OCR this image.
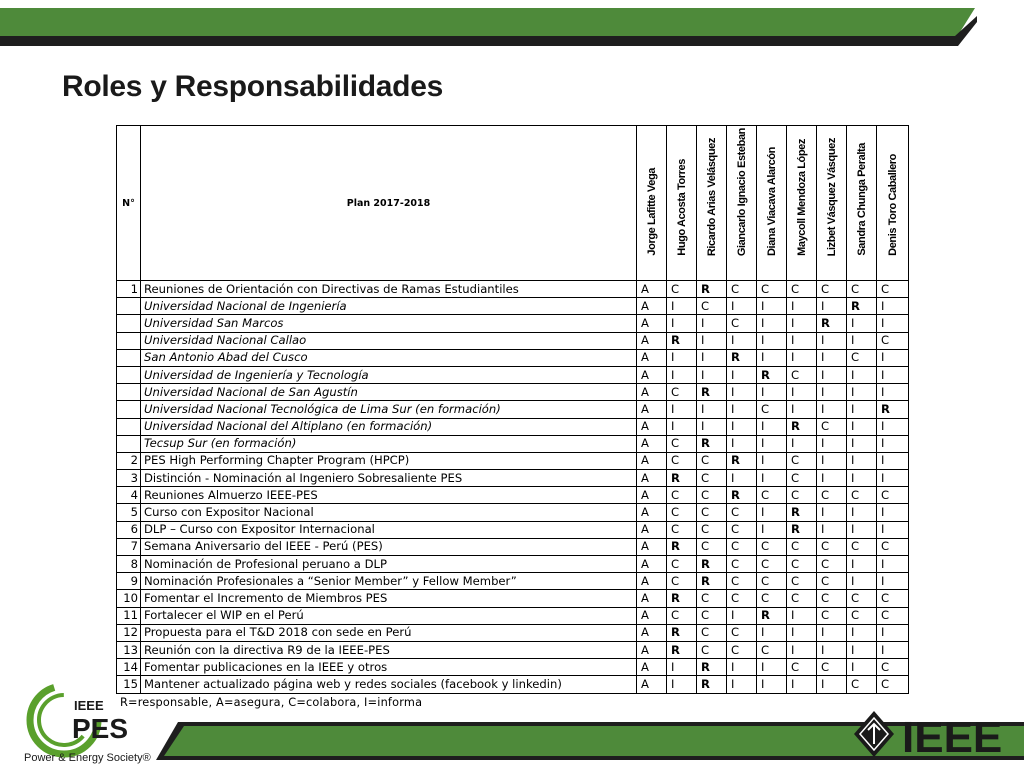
Roles y Responsabilidades
N°	Plan 2017-2018	Jorge Lafitte Vega	Hugo Acosta Torres	Ricardo Arias Velásquez	Giancarlo Ignacio Esteban	Diana Viacava Alarcón	Maycoll Mendoza López	Lizbet Vásquez Vásquez	Sandra Chunga Peralta	Denis Toro Caballero

1	Reuniones de Orientación con Directivas de Ramas Estudiantiles	A	C	R	C	C	C	C	C	C
	Universidad Nacional de Ingeniería	A	I	C	I	I	I	I	R	I
	Universidad San Marcos	A	I	I	C	I	I	R	I	I
	Universidad Nacional Callao	A	R	I	I	I	I	I	I	C
	San Antonio Abad del Cusco	A	I	I	R	I	I	I	C	I
	Universidad de Ingeniería y Tecnología	A	I	I	I	R	C	I	I	I
	Universidad Nacional de San Agustín	A	C	R	I	I	I	I	I	I
	Universidad Nacional Tecnológica de Lima Sur (en formación)	A	I	I	I	C	I	I	I	R
	Universidad Nacional del Altiplano (en formación)	A	I	I	I	I	R	C	I	I
	Tecsup Sur (en formación)	A	C	R	I	I	I	I	I	I
2	PES High Performing Chapter Program (HPCP)	A	C	C	R	I	C	I	I	I
3	Distinción - Nominación al Ingeniero Sobresaliente PES	A	R	C	I	I	C	I	I	I
4	Reuniones Almuerzo IEEE-PES	A	C	C	R	C	C	C	C	C
5	Curso con Expositor Nacional	A	C	C	C	I	R	I	I	I
6	DLP – Curso con Expositor Internacional	A	C	C	C	I	R	I	I	I
7	Semana Aniversario del IEEE - Perú (PES)	A	R	C	C	C	C	C	C	C
8	Nominación de Profesional peruano a DLP	A	C	R	C	C	C	C	I	I
9	Nominación Profesionales a “Senior Member” y Fellow Member”	A	C	R	C	C	C	C	I	I
10	Fomentar el Incremento de Miembros PES	A	R	C	C	C	C	C	C	C
11	Fortalecer el WIP en el Perú	A	C	C	I	R	I	C	C	C
12	Propuesta para el T&D 2018 con sede en Perú	A	R	C	C	I	I	I	I	I
13	Reunión con la directiva R9 de la IEEE-PES	A	R	C	C	C	I	I	I	I
14	Fomentar publicaciones en la IEEE y otros	A	I	R	I	I	C	C	I	C
15	Mantener actualizado página web y redes sociales (facebook y linkedin)	A	I	R	I	I	I	I	C	C
R=responsable, A=asegura, C=colabora, I=informa
IEEE
PES
Power & Energy Society®	IEEE
